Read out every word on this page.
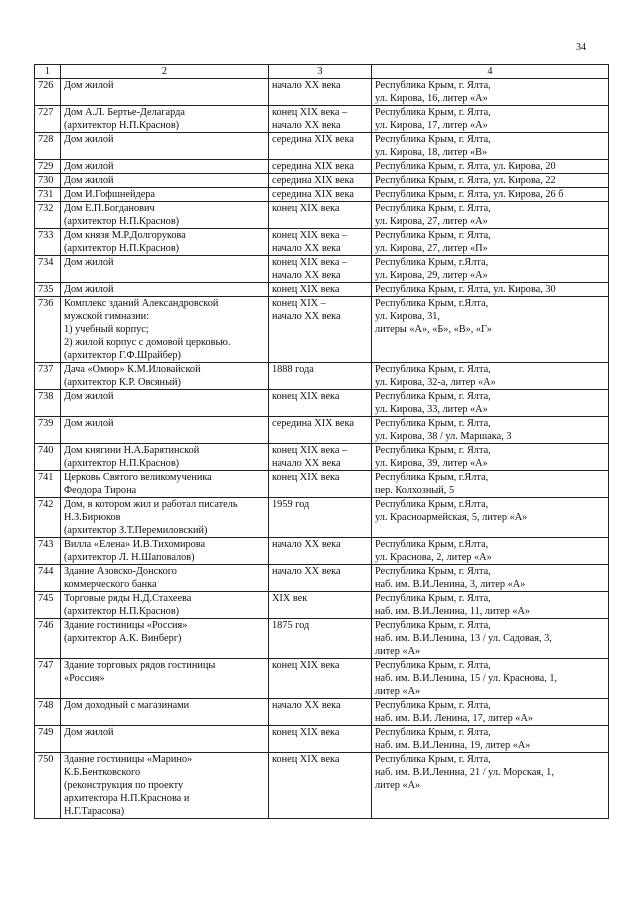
34
1	2	3	4
726	Дом жилой	начало XX века	Республика Крым, г. Ялта,
ул. Кирова, 16, литер «А»

727	Дом А.Л. Бертье-Делагарда
(архитектор Н.П.Краснов)	конец XIX века –
начало XX века	Республика Крым, г. Ялта,
ул. Кирова, 17, литер «А»

728	Дом жилой	середина XIX века	Республика Крым, г. Ялта,
ул. Кирова, 18, литер «В»

729	Дом жилой	середина XIX века	Республика Крым, г. Ялта, ул. Кирова, 20

730	Дом жилой	середина XIX века	Республика Крым, г. Ялта, ул. Кирова, 22

731	Дом И.Гофшнейдера	середина XIX века	Республика Крым, г. Ялта, ул. Кирова, 26 б

732	Дом Е.П.Богданович
(архитектор Н.П.Краснов)	конец XIX века	Республика Крым, г. Ялта,
ул. Кирова, 27, литер «А»

733	Дом князя М.Р.Долгорукова
(архитектор Н.П.Краснов)	конец XIX века –
начало XX века	Республика Крым, г. Ялта,
ул. Кирова, 27, литер «П»

734	Дом жилой	конец XIX века –
начало XX века	Республика Крым, г.Ялта,
ул. Кирова, 29, литер «А»

735	Дом жилой	конец XIX века	Республика Крым, г. Ялта, ул. Кирова, 30

736	Комплекс зданий Александровской
мужской гимназии:
1) учебный корпус;
2) жилой корпус с домовой церковью.
(архитектор Г.Ф.Шрайбер)	конец XIX –
начало XX века	Республика Крым, г.Ялта,
ул. Кирова, 31,
литеры «А», «Б», «В», «Г»

737	Дача «Омюр» К.М.Иловайской
(архитектор К.Р. Овсяный)	1888 года	Республика Крым, г. Ялта,
ул. Кирова, 32-а, литер «А»

738	Дом жилой	конец XIX века	Республика Крым, г. Ялта,
ул. Кирова, 33, литер «А»

739	Дом жилой	середина XIX века	Республика Крым, г. Ялта,
ул. Кирова, 38 / ул. Маршака, 3

740	Дом княгини Н.А.Барятинской
(архитектор Н.П.Краснов)	конец XIX века –
начало XX века	Республика Крым, г. Ялта,
ул. Кирова, 39, литер «А»

741	Церковь Святого великомученика
Феодора Тирона	конец XIX века	Республика Крым, г.Ялта,
пер. Колхозный, 5

742	Дом, в котором жил и работал писатель
Н.З.Бирюков
(архитектор З.Т.Перемиловский)	1959 год	Республика Крым, г.Ялта,
ул. Красноармейская, 5, литер «А»

743	Вилла «Елена» И.В.Тихомирова
(архитектор Л. Н.Шаповалов)	начало XX века	Республика Крым, г.Ялта,
ул. Краснова, 2, литер «А»

744	Здание Азовско-Донского
коммерческого банка	начало XX века	Республика Крым, г. Ялта,
наб. им. В.И.Ленина, 3, литер «А»

745	Торговые ряды Н.Д.Стахеева
(архитектор Н.П.Краснов)	XIX век	Республика Крым, г. Ялта,
наб. им. В.И.Ленина, 11, литер «А»

746	Здание гостиницы «Россия»
(архитектор А.К. Винберг)	1875 год	Республика Крым, г. Ялта,
наб. им. В.И.Ленина, 13 / ул. Садовая, 3,
литер «А»

747	Здание торговых рядов гостиницы
«Россия»	конец XIX века	Республика Крым, г. Ялта,
наб. им. В.И.Ленина, 15 / ул. Краснова, 1,
литер «А»

748	Дом доходный с магазинами	начало XX века	Республика Крым, г. Ялта,
наб. им. В.И. Ленина, 17, литер «А»

749	Дом жилой	конец XIX века	Республика Крым, г. Ялта,
наб. им. В.И.Ленина, 19, литер «А»

750	Здание гостиницы «Марино»
К.Б.Бентковского
(реконструкция по проекту
архитектора Н.П.Краснова и
Н.Г.Тарасова)	конец XIX века	Республика Крым, г. Ялта,
наб. им. В.И.Ленина, 21 / ул. Морская, 1,
литер «А»
